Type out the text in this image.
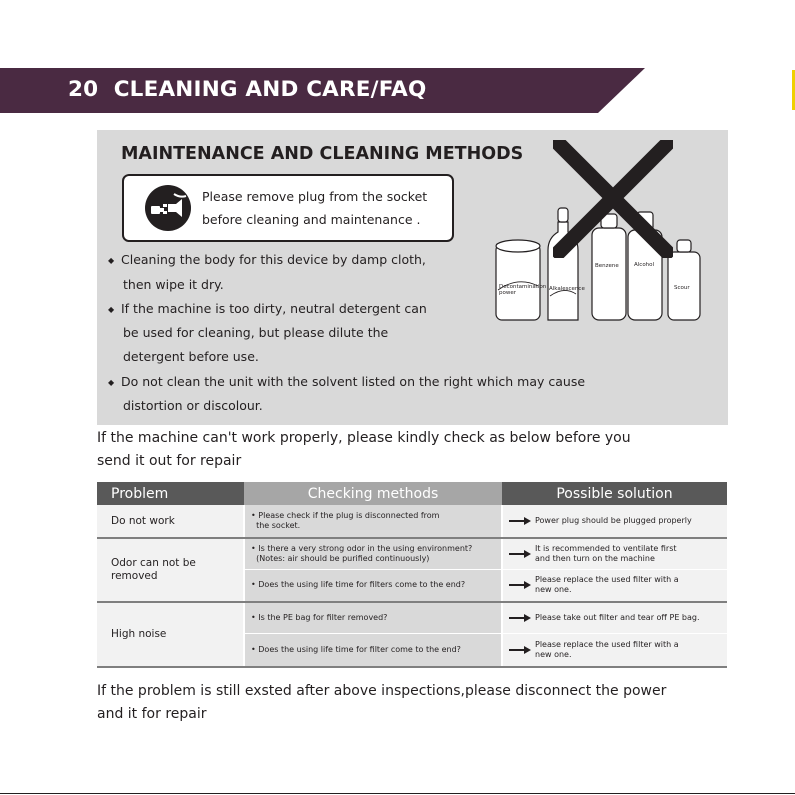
20 CLEANING AND CARE/FAQ
MAINTENANCE AND CLEANING METHODS
Please remove plug from the socket
before cleaning and maintenance .
◆ Cleaning the body for this device by damp cloth,
then wipe it dry.
◆ If the machine is too dirty, neutral detergent can
be used for cleaning, but please dilute the
detergent before use.
◆ Do not clean the unit with the solvent listed on the right which may cause
distortion or discolour.
Decontamination
power
Alkalescence
Benzene	Alcohol
Scour
If the machine can't work properly, please kindly check as below before you
send it out for repair
Problem	Checking methods	Possible solution
Do not work	• Please check if the plug is disconnected from
the socket.	Power plug should be plugged properly

Odor can not be
removed	• Is there a very strong odor in the using environment?
(Notes: air should be purified continuously)	It is recommended to ventilate first
and then turn on the machine

	• Does the using life time for filters come to the end?	Please replace the used filter with a
new one.

High noise	• Is the PE bag for filter removed?	Please take out filter and tear off PE bag.

	• Does the using life time for filter come to the end?	Please replace the used filter with a
new one.
If the problem is still exsted after above inspections,please disconnect the power
and it for repair
